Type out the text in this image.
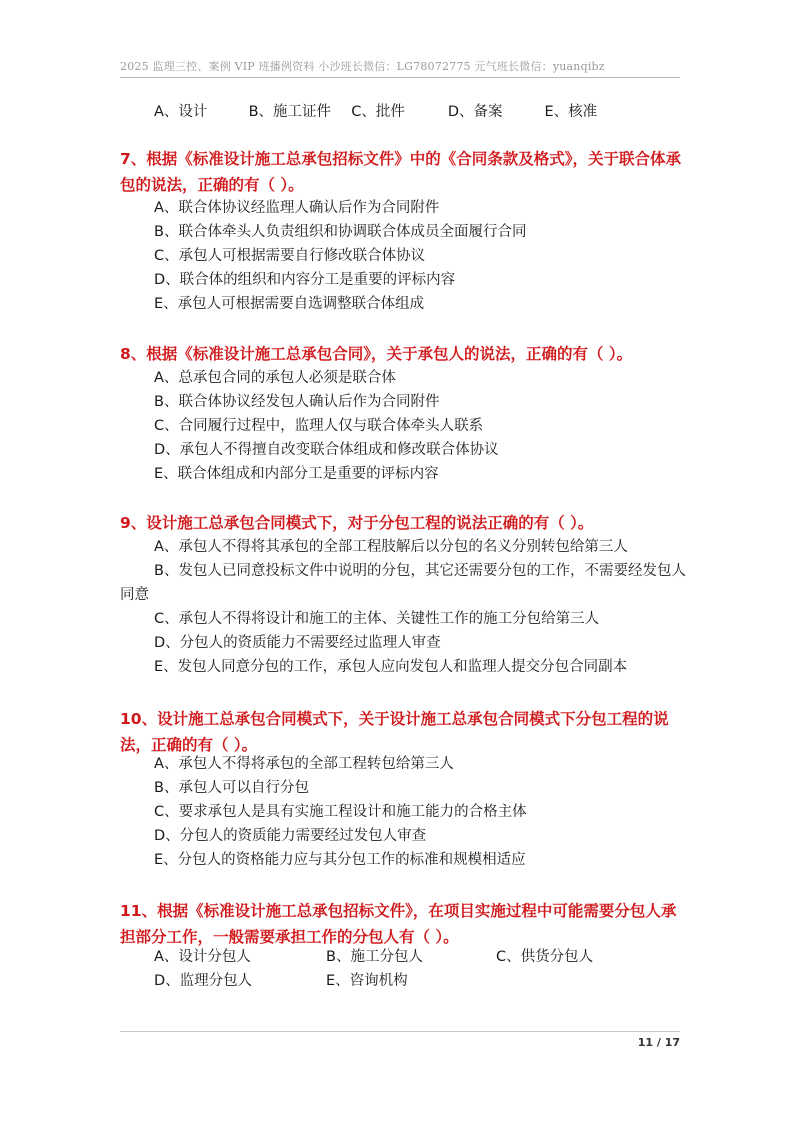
2025 监理三控、案例 VIP 班播例资料 小沙班长微信：LG78072775 元气班长微信：yuanqibz
A、设计	B、施工证件 C、批件	D、备案	E、核准
7、根据《标准设计施工总承包招标文件》中的《合同条款及格式》，关于联合体承包的说法，正确的有（ ）。
A、联合体协议经监理人确认后作为合同附件
B、联合体牵头人负责组织和协调联合体成员全面履行合同
C、承包人可根据需要自行修改联合体协议
D、联合体的组织和内容分工是重要的评标内容
E、承包人可根据需要自选调整联合体组成
8、根据《标准设计施工总承包合同》，关于承包人的说法，正确的有（ ）。
A、总承包合同的承包人必须是联合体
B、联合体协议经发包人确认后作为合同附件
C、合同履行过程中，监理人仅与联合体牵头人联系
D、承包人不得擅自改变联合体组成和修改联合体协议
E、联合体组成和内部分工是重要的评标内容
9、设计施工总承包合同模式下，对于分包工程的说法正确的有（ ）。
A、承包人不得将其承包的全部工程肢解后以分包的名义分别转包给第三人
B、发包人已同意投标文件中说明的分包，其它还需要分包的工作，不需要经发包人同意
C、承包人不得将设计和施工的主体、关键性工作的施工分包给第三人
D、分包人的资质能力不需要经过监理人审查
E、发包人同意分包的工作，承包人应向发包人和监理人提交分包合同副本
10、设计施工总承包合同模式下，关于设计施工总承包合同模式下分包工程的说法，正确的有（ ）。
A、承包人不得将承包的全部工程转包给第三人
B、承包人可以自行分包
C、要求承包人是具有实施工程设计和施工能力的合格主体
D、分包人的资质能力需要经过发包人审查
E、分包人的资格能力应与其分包工作的标准和规模相适应
11、根据《标准设计施工总承包招标文件》，在项目实施过程中可能需要分包人承担部分工作，一般需要承担工作的分包人有（ ）。
A、设计分包人	B、施工分包人	C、供货分包人
D、监理分包人	E、咨询机构
11 / 17
